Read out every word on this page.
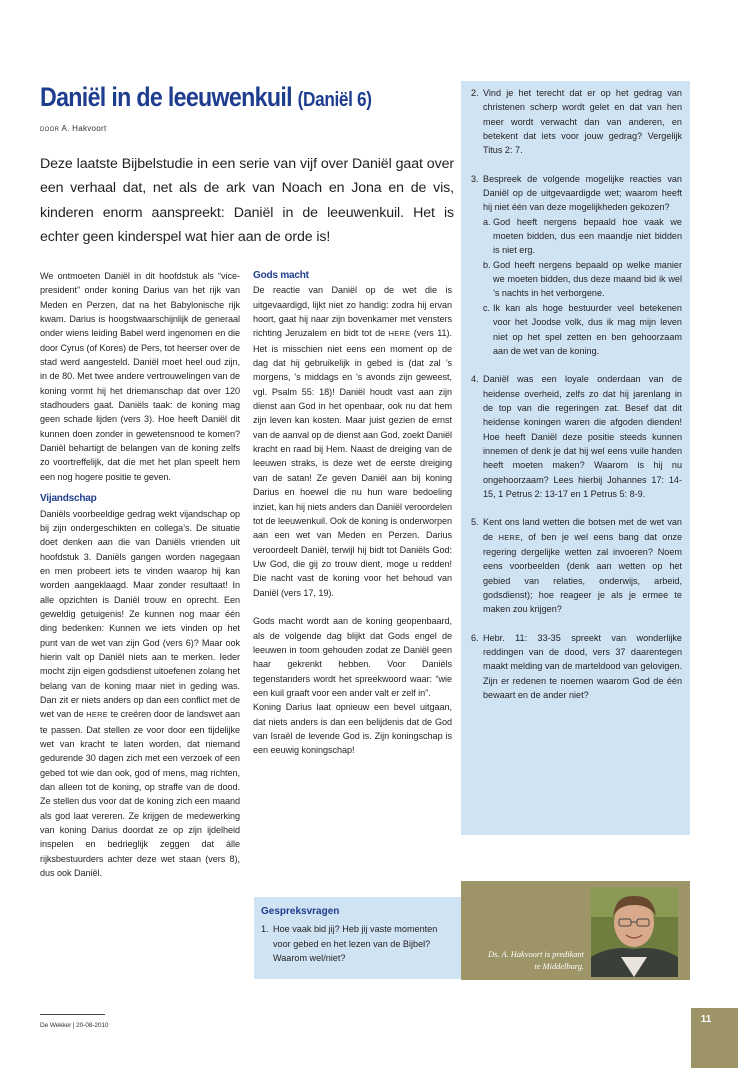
Daniël in de leeuwenkuil (Daniël 6)
DOOR A. Hakvoort

Deze laatste Bijbelstudie in een serie van vijf over Daniël gaat over een verhaal dat, net als de ark van Noach en Jona en de vis, kinderen enorm aanspreekt: Daniël in de leeuwenkuil. Het is echter geen kinderspel wat hier aan de orde is!

We ontmoeten Daniël in dit hoofdstuk als “vice-president” onder koning Darius van het rijk van Meden en Perzen, dat na het Babylonische rijk kwam. Darius is hoogstwaarschijnlijk de generaal onder wiens leiding Babel werd ingenomen en die door Cyrus (of Kores) de Pers, tot heerser over de stad werd aangesteld. Daniël moet heel oud zijn, in de 80. Met twee andere vertrouwelingen van de koning vormt hij het driemanschap dat over 120 stadhouders gaat. Daniëls taak: de koning mag geen schade lijden (vers 3). Hoe heeft Daniël dit kunnen doen zonder in gewetensnood te komen? Daniël behartigt de belangen van de koning zelfs zo voortreffelijk, dat die met het plan speelt hem een nog hogere positie te geven.

Vijandschap

Daniëls voorbeeldige gedrag wekt vijandschap op bij zijn ondergeschikten en collega’s. De situatie doet denken aan die van Daniëls vrienden uit hoofdstuk 3. Daniëls gangen worden nagegaan en men probeert iets te vinden waarop hij kan worden aangeklaagd. Maar zonder resultaat! In alle opzichten is Daniël trouw en oprecht. Een geweldig getuigenis! Ze kunnen nog maar één ding bedenken: Kunnen we iets vinden op het punt van de wet van zijn God (vers 6)? Maar ook hierin valt op Daniël niets aan te merken. Ieder mocht zijn eigen godsdienst uitoefenen zolang het belang van de koning maar niet in geding was. Dan zit er niets anders op dan een conflict met de wet van de HERE te creëren door de landswet aan te passen. Dat stellen ze voor door een tijdelijke wet van kracht te laten worden, dat niemand gedurende 30 dagen zich met een verzoek of een gebed tot wie dan ook, god of mens, mag richten, dan alleen tot de koning, op straffe van de dood. Ze stellen dus voor dat de koning zich een maand als god laat vereren. Ze krijgen de medewerking van koning Darius doordat ze op zijn ijdelheid inspelen en bedrieglijk zeggen dat álle rijksbestuurders achter deze wet staan (vers 8), dus ook Daniël.

Gods macht

De reactie van Daniël op de wet die is uitgevaardigd, lijkt niet zo handig: zodra hij ervan hoort, gaat hij naar zijn bovenkamer met vensters richting Jeruzalem en bidt tot de HERE (vers 11). Het is misschien niet eens een moment op de dag dat hij gebruikelijk in gebed is (dat zal ’s morgens, ’s middags en ’s avonds zijn geweest, vgl. Psalm 55: 18)! Daniël houdt vast aan zijn dienst aan God in het openbaar, ook nu dat hem zijn leven kan kosten. Maar juist gezien de ernst van de aanval op de dienst aan God, zoekt Daniël kracht en raad bij Hem. Naast de dreiging van de leeuwen straks, is deze wet de eerste dreiging van de satan! Ze geven Daniël aan bij koning Darius en hoewel die nu hun ware bedoeling inziet, kan hij niets anders dan Daniël veroordelen tot de leeuwenkuil. Ook de koning is onderworpen aan een wet van Meden en Perzen. Darius veroordeelt Daniël, terwijl hij bidt tot Daniëls God: Uw God, die gij zo trouw dient, moge u redden! Die nacht vast de koning voor het behoud van Daniël (vers 17, 19).

Gods macht wordt aan de koning geopenbaard, als de volgende dag blijkt dat Gods engel de leeuwen in toom gehouden zodat ze Daniël geen haar gekrenkt hebben. Voor Daniëls tegenstanders wordt het spreekwoord waar: “wie een kuil graaft voor een ander valt er zelf in”.

Koning Darius laat opnieuw een bevel uitgaan, dat niets anders is dan een belijdenis dat de God van Israël de levende God is. Zijn koningschap is een eeuwig koningschap!

2. Vind je het terecht dat er op het gedrag van christenen scherp wordt gelet en dat van hen meer wordt verwacht dan van anderen, en betekent dat iets voor jouw gedrag? Vergelijk Titus 2: 7.
3. Bespreek de volgende mogelijke reacties van Daniël op de uitgevaardigde wet; waarom heeft hij niet één van deze mogelijkheden gekozen?
a. God heeft nergens bepaald hoe vaak we moeten bidden, dus een maandje niet bidden is niet erg.
b. God heeft nergens bepaald op welke manier we moeten bidden, dus deze maand bid ik wel ’s nachts in het verborgene.
c. Ik kan als hoge bestuurder veel betekenen voor het Joodse volk, dus ik mag mijn leven niet op het spel zetten en ben gehoorzaam aan de wet van de koning.
4. Daniël was een loyale onderdaan van de heidense overheid, zelfs zo dat hij jarenlang in de top van die regeringen zat. Besef dat dit heidense koningen waren die afgoden dienden! Hoe heeft Daniël deze positie steeds kunnen innemen of denk je dat hij wel eens vuile handen heeft moeten maken? Waarom is hij nu ongehoorzaam? Lees hierbij Johannes 17: 14-15, 1 Petrus 2: 13-17 en 1 Petrus 5: 8-9.
5. Kent ons land wetten die botsen met de wet van de HERE, of ben je wel eens bang dat onze regering dergelijke wetten zal invoeren? Noem eens voorbeelden (denk aan wetten op het gebied van relaties, onderwijs, arbeid, godsdienst); hoe reageer je als je ermee te maken zou krijgen?
6. Hebr. 11: 33-35 spreekt van wonderlijke reddingen van de dood, vers 37 daarentegen maakt melding van de marteldood van gelovigen. Zijn er redenen te noemen waarom God de één bewaart en de ander niet?
Gespreksvragen
1. Hoe vaak bid jij? Heb jij vaste momenten voor gebed en het lezen van de Bijbel? Waarom wel/niet?	Ds. A. Hakvoort is predikant
te Middelburg.
De Wekker | 20-08-2010
11
